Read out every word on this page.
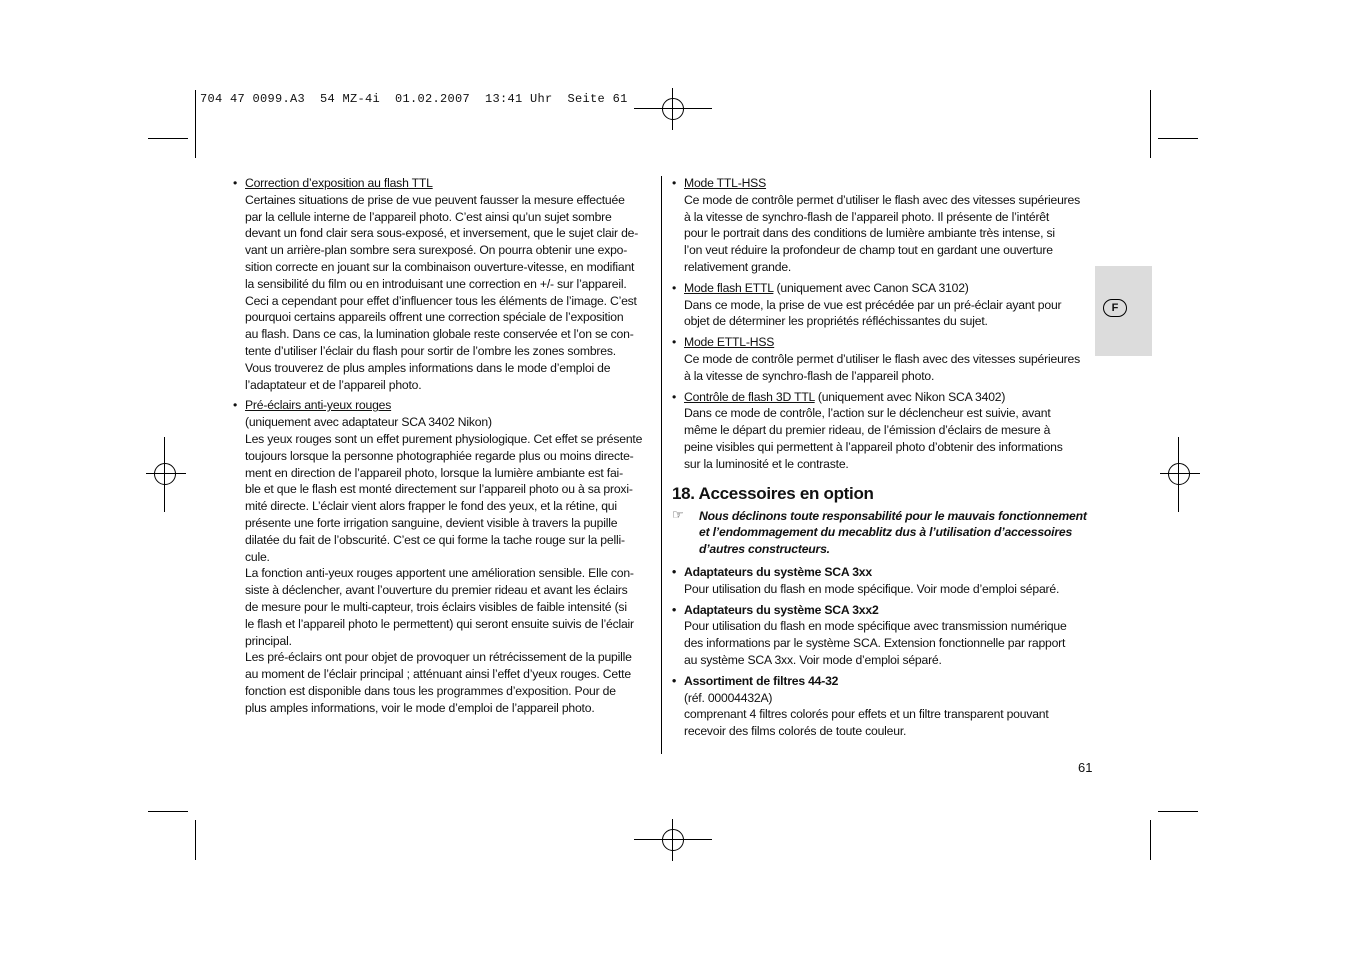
704 47 0099.A3  54 MZ-4i  01.02.2007  13:41 Uhr  Seite 61
F
• Correction d’exposition au flash TTL

Certaines situations de prise de vue peuvent fausser la mesure effectuée

par la cellule interne de l’appareil photo. C’est ainsi qu’un sujet sombre

devant un fond clair sera sous-exposé, et inversement, que le sujet clair de-

vant un arrière-plan sombre sera surexposé. On pourra obtenir une expo-

sition correcte en jouant sur la combinaison ouverture-vitesse, en modifiant

la sensibilité du film ou en introduisant une correction en +/- sur l’appareil.

Ceci a cependant pour effet d’influencer tous les éléments de l’image. C’est

pourquoi certains appareils offrent une correction spéciale de l’exposition

au flash. Dans ce cas, la lumination globale reste conservée et l’on se con-

tente d’utiliser l’éclair du flash pour sortir de l’ombre les zones sombres.

Vous trouverez de plus amples informations dans le mode d’emploi de

l’adaptateur et de l’appareil photo.

• Pré-éclairs anti-yeux rouges

(uniquement avec adaptateur SCA 3402 Nikon)

Les yeux rouges sont un effet purement physiologique. Cet effet se présente

toujours lorsque la personne photographiée regarde plus ou moins directe-

ment en direction de l’appareil photo, lorsque la lumière ambiante est fai-

ble et que le flash est monté directement sur l’appareil photo ou à sa proxi-

mité directe. L’éclair vient alors frapper le fond des yeux, et la rétine, qui

présente une forte irrigation sanguine, devient visible à travers la pupille

dilatée du fait de l’obscurité. C’est ce qui forme la tache rouge sur la pelli-

cule.

La fonction anti-yeux rouges apportent une amélioration sensible. Elle con-

siste à déclencher, avant l’ouverture du premier rideau et avant les éclairs

de mesure pour le multi-capteur, trois éclairs visibles de faible intensité (si

le flash et l’appareil photo le permettent) qui seront ensuite suivis de l’éclair

principal.

Les pré-éclairs ont pour objet de provoquer un rétrécissement de la pupille

au moment de l’éclair principal ; atténuant ainsi l’effet d’yeux rouges. Cette

fonction est disponible dans tous les programmes d’exposition. Pour de

plus amples informations, voir le mode d’emploi de l’appareil photo.

• Mode TTL-HSS

Ce mode de contrôle permet d’utiliser le flash avec des vitesses supérieures

à la vitesse de synchro-flash de l’appareil photo. Il présente de l’intérêt

pour le portrait dans des conditions de lumière ambiante très intense, si

l’on veut réduire la profondeur de champ tout en gardant une ouverture

relativement grande.

• Mode flash ETTL (uniquement avec Canon SCA 3102)

Dans ce mode, la prise de vue est précédée par un pré-éclair ayant pour

objet de déterminer les propriétés réfléchissantes du sujet.

• Mode ETTL-HSS

Ce mode de contrôle permet d’utiliser le flash avec des vitesses supérieures

à la vitesse de synchro-flash de l’appareil photo.

• Contrôle de flash 3D TTL (uniquement avec Nikon SCA 3402)

Dans ce mode de contrôle, l’action sur le déclencheur est suivie, avant

même le départ du premier rideau, de l’émission d’éclairs de mesure à

peine visibles qui permettent à l’appareil photo d’obtenir des informations

sur la luminosité et le contraste.

18. Accessoires en option

☞ Nous déclinons toute responsabilité pour le mauvais fonctionnement

et l’endommagement du mecablitz dus à l’utilisation d’accessoires

d’autres constructeurs.

• Adaptateurs du système SCA 3xx

Pour utilisation du flash en mode spécifique. Voir mode d’emploi séparé.

• Adaptateurs du système SCA 3xx2

Pour utilisation du flash en mode spécifique avec transmission numérique

des informations par le système SCA. Extension fonctionnelle par rapport

au système SCA 3xx. Voir mode d’emploi séparé.

• Assortiment de filtres 44-32

(réf. 00004432A)

comprenant 4 filtres colorés pour effets et un filtre transparent pouvant

recevoir des films colorés de toute couleur.

61
